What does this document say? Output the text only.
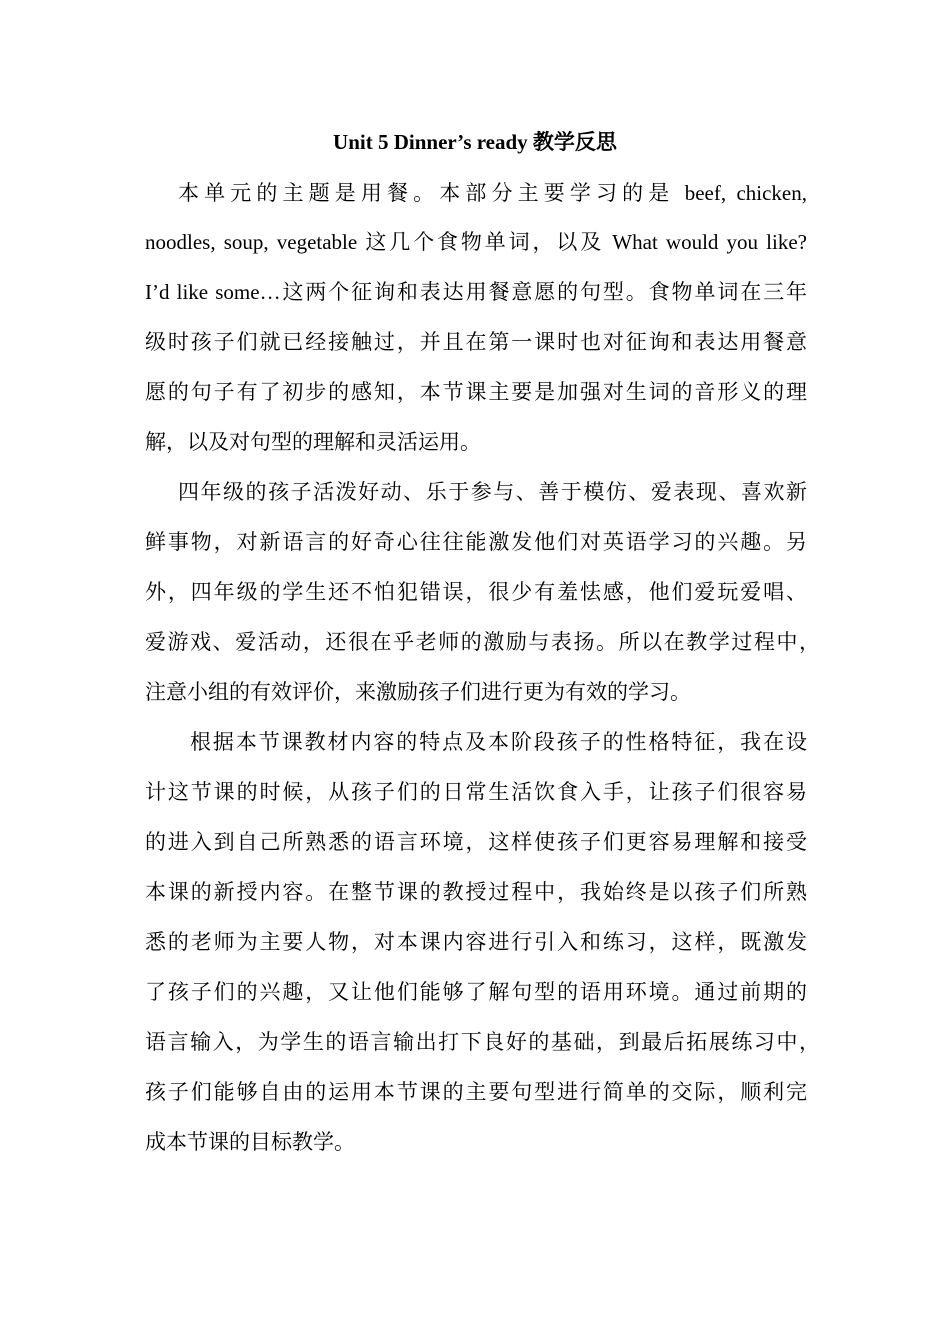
Unit 5 Dinner’s ready 教学反思
本单元的主题是用餐。本部分主要学习的是 beef, chicken,
noodles, soup, vegetable 这几个食物单词，以及 What would you like?
I’d like some…这两个征询和表达用餐意愿的句型。食物单词在三年
级时孩子们就已经接触过，并且在第一课时也对征询和表达用餐意
愿的句子有了初步的感知，本节课主要是加强对生词的音形义的理
解，以及对句型的理解和灵活运用。
四年级的孩子活泼好动、乐于参与、善于模仿、爱表现、喜欢新
鲜事物，对新语言的好奇心往往能激发他们对英语学习的兴趣。另
外，四年级的学生还不怕犯错误，很少有羞怯感，他们爱玩爱唱、
爱游戏、爱活动，还很在乎老师的激励与表扬。所以在教学过程中，
注意小组的有效评价，来激励孩子们进行更为有效的学习。
根据本节课教材内容的特点及本阶段孩子的性格特征，我在设
计这节课的时候，从孩子们的日常生活饮食入手，让孩子们很容易
的进入到自己所熟悉的语言环境，这样使孩子们更容易理解和接受
本课的新授内容。在整节课的教授过程中，我始终是以孩子们所熟
悉的老师为主要人物，对本课内容进行引入和练习，这样，既激发
了孩子们的兴趣，又让他们能够了解句型的语用环境。通过前期的
语言输入，为学生的语言输出打下良好的基础，到最后拓展练习中，
孩子们能够自由的运用本节课的主要句型进行简单的交际，顺利完
成本节课的目标教学。
